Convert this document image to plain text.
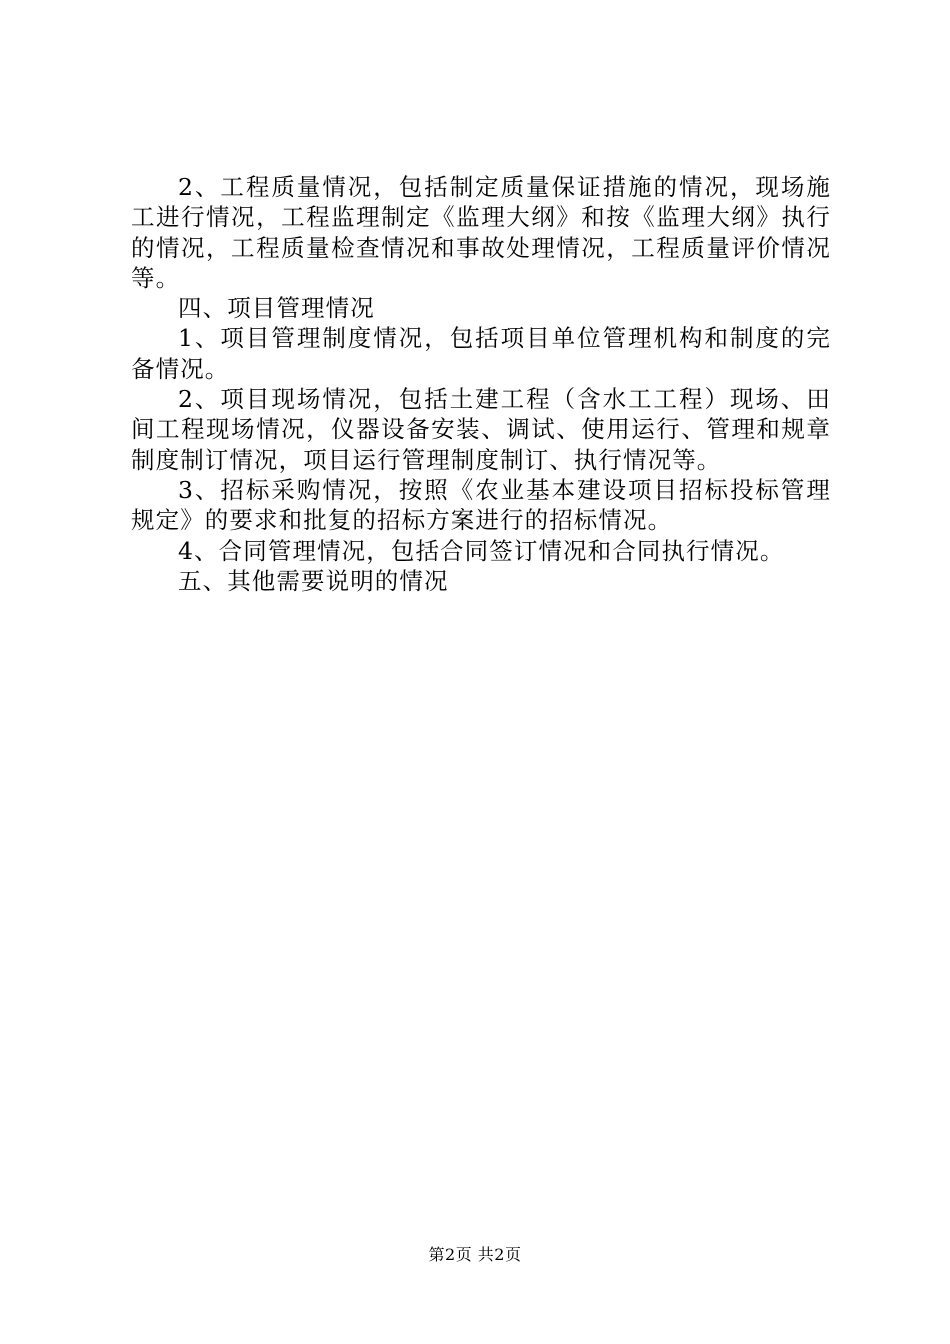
2、工程质量情况，包括制定质量保证措施的情况，现场施工进行情况，工程监理制定《监理大纲》和按《监理大纲》执行的情况，工程质量检查情况和事故处理情况，工程质量评价情况等。

四、项目管理情况

1、项目管理制度情况，包括项目单位管理机构和制度的完备情况。

2、项目现场情况，包括土建工程（含水工工程）现场、田间工程现场情况，仪器设备安装、调试、使用运行、管理和规章制度制订情况，项目运行管理制度制订、执行情况等。

3、招标采购情况，按照《农业基本建设项目招标投标管理规定》的要求和批复的招标方案进行的招标情况。

4、合同管理情况，包括合同签订情况和合同执行情况。

五、其他需要说明的情况

第2页 共2页
